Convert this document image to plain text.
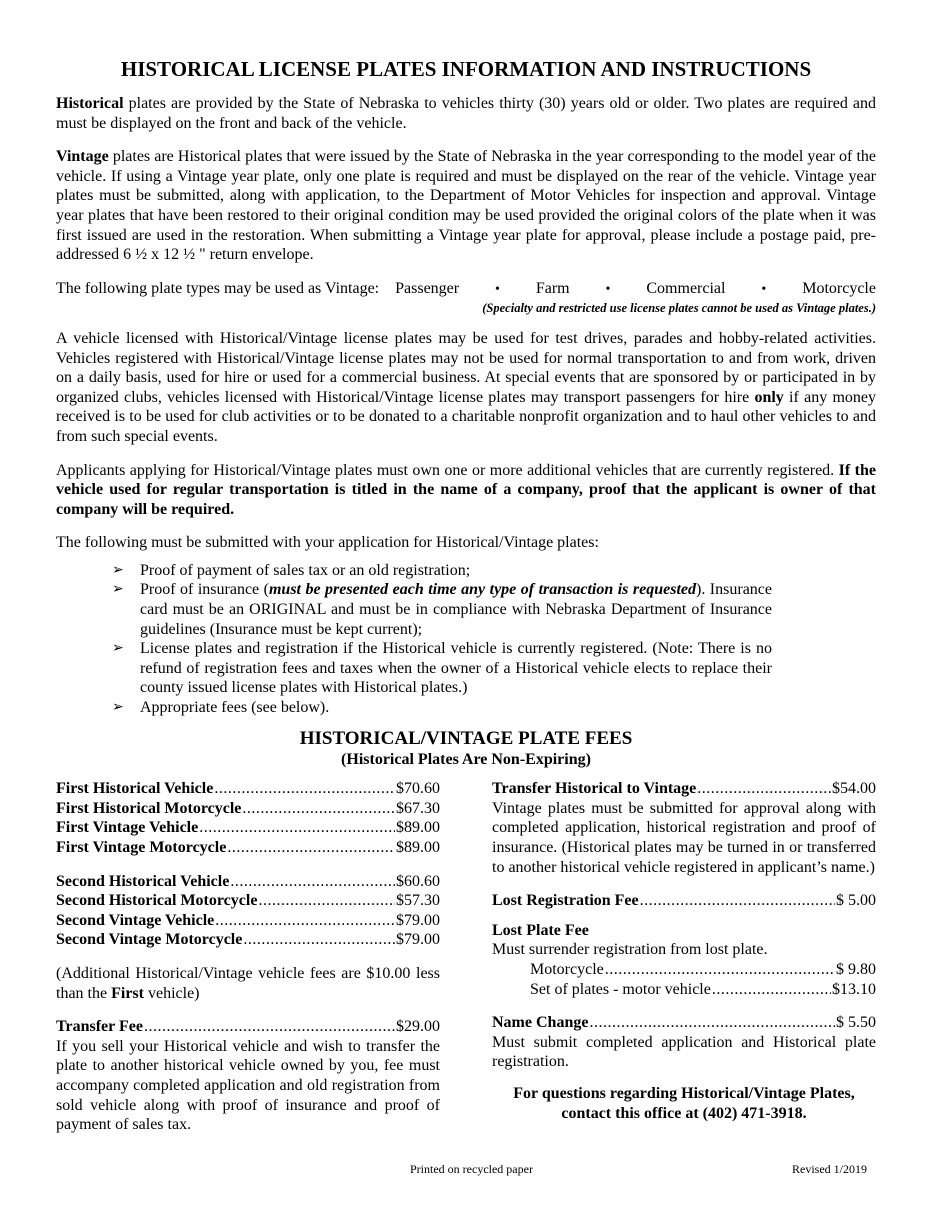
HISTORICAL LICENSE PLATES INFORMATION AND INSTRUCTIONS

Historical plates are provided by the State of Nebraska to vehicles thirty (30) years old or older. Two plates are required and must be displayed on the front and back of the vehicle.

Vintage plates are Historical plates that were issued by the State of Nebraska in the year corresponding to the model year of the vehicle. If using a Vintage year plate, only one plate is required and must be displayed on the rear of the vehicle. Vintage year plates must be submitted, along with application, to the Department of Motor Vehicles for inspection and approval. Vintage year plates that have been restored to their original condition may be used provided the original colors of the plate when it was first issued are used in the restoration. When submitting a Vintage year plate for approval, please include a postage paid, pre-addressed 6 ½ x 12 ½ " return envelope.

The following plate types may be used as Vintage: Passenger	• Farm	• Commercial	• Motorcycle
(Specialty and restricted use license plates cannot be used as Vintage plates.)

A vehicle licensed with Historical/Vintage license plates may be used for test drives, parades and hobby-related activities. Vehicles registered with Historical/Vintage license plates may not be used for normal transportation to and from work, driven on a daily basis, used for hire or used for a commercial business. At special events that are sponsored by or participated in by organized clubs, vehicles licensed with Historical/Vintage license plates may transport passengers for hire only if any money received is to be used for club activities or to be donated to a charitable nonprofit organization and to haul other vehicles to and from such special events.

Applicants applying for Historical/Vintage plates must own one or more additional vehicles that are currently registered. If the vehicle used for regular transportation is titled in the name of a company, proof that the applicant is owner of that company will be required.

The following must be submitted with your application for Historical/Vintage plates:

➢ Proof of payment of sales tax or an old registration;
➢ Proof of insurance (must be presented each time any type of transaction is requested). Insurance card must be an ORIGINAL and must be in compliance with Nebraska Department of Insurance guidelines (Insurance must be kept current);
➢ License plates and registration if the Historical vehicle is currently registered. (Note: There is no refund of registration fees and taxes when the owner of a Historical vehicle elects to replace their county issued license plates with Historical plates.)
➢ Appropriate fees (see below).
HISTORICAL/VINTAGE PLATE FEES
(Historical Plates Are Non-Expiring)
First Historical Vehicle .....	$70.60
First Historical Motorcycle .....	$67.30
First Vintage Vehicle .....	$89.00
First Vintage Motorcycle .....	$89.00
Second Historical Vehicle .....	$60.60
Second Historical Motorcycle .....	$57.30
Second Vintage Vehicle .....	$79.00
Second Vintage Motorcycle .....	$79.00

(Additional Historical/Vintage vehicle fees are $10.00 less than the First vehicle)

Transfer Fee .....	$29.00

If you sell your Historical vehicle and wish to transfer the plate to another historical vehicle owned by you, fee must accompany completed application and old registration from sold vehicle along with proof of insurance and proof of payment of sales tax.

Transfer Historical to Vintage .....	$54.00

Vintage plates must be submitted for approval along with completed application, historical registration and proof of insurance. (Historical plates may be turned in or transferred to another historical vehicle registered in applicant’s name.)

Lost Registration Fee .....	$ 5.00
Lost Plate Fee
Must surrender registration from lost plate.
Motorcycle .....	$ 9.80
Set of plates - motor vehicle .....	$13.10
Name Change .....	$ 5.50

Must submit completed application and Historical plate registration.

For questions regarding Historical/Vintage Plates,
contact this office at (402) 471-3918.
Printed on recycled paper	Revised 1/2019
